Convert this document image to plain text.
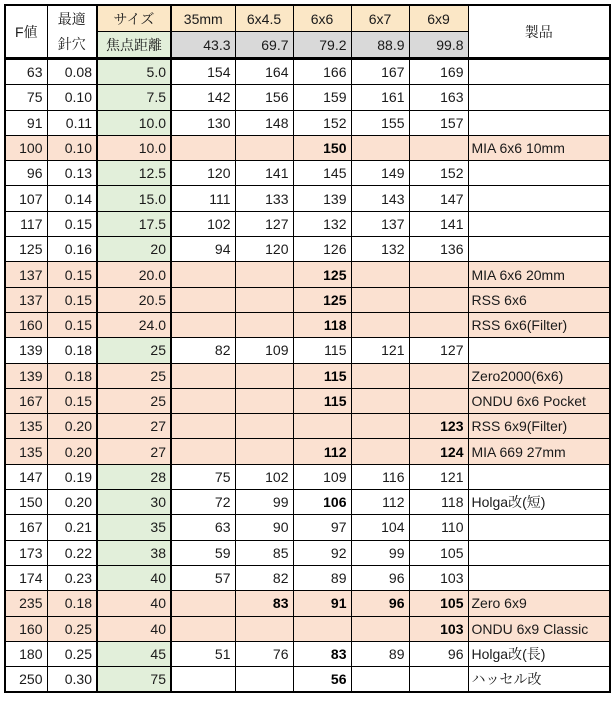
F値	最適
針穴	サイズ	35mm	6x4.5	6x6	6x7	6x9	製品
		焦点距離	43.3	69.7	79.2	88.9	99.8	
63	0.08	5.0	154	164	166	167	169	
75	0.10	7.5	142	156	159	161	163	
91	0.11	10.0	130	148	152	155	157	
100	0.10	10.0			150			MIA 6x6 10mm
96	0.13	12.5	120	141	145	149	152	
107	0.14	15.0	111	133	139	143	147	
117	0.15	17.5	102	127	132	137	141	
125	0.16	20	94	120	126	132	136	
137	0.15	20.0			125			MIA 6x6 20mm
137	0.15	20.5			125			RSS 6x6
160	0.15	24.0			118			RSS 6x6(Filter)
139	0.18	25	82	109	115	121	127	
139	0.18	25			115			Zero2000(6x6)
167	0.15	25			115			ONDU 6x6 Pocket
135	0.20	27					123	RSS 6x9(Filter)
135	0.20	27			112		124	MIA 669 27mm
147	0.19	28	75	102	109	116	121	
150	0.20	30	72	99	106	112	118	Holga改(短)
167	0.21	35	63	90	97	104	110	
173	0.22	38	59	85	92	99	105	
174	0.23	40	57	82	89	96	103	
235	0.18	40		83	91	96	105	Zero 6x9
160	0.25	40					103	ONDU 6x9 Classic
180	0.25	45	51	76	83	89	96	Holga改(長)
250	0.30	75			56			ハッセル改
